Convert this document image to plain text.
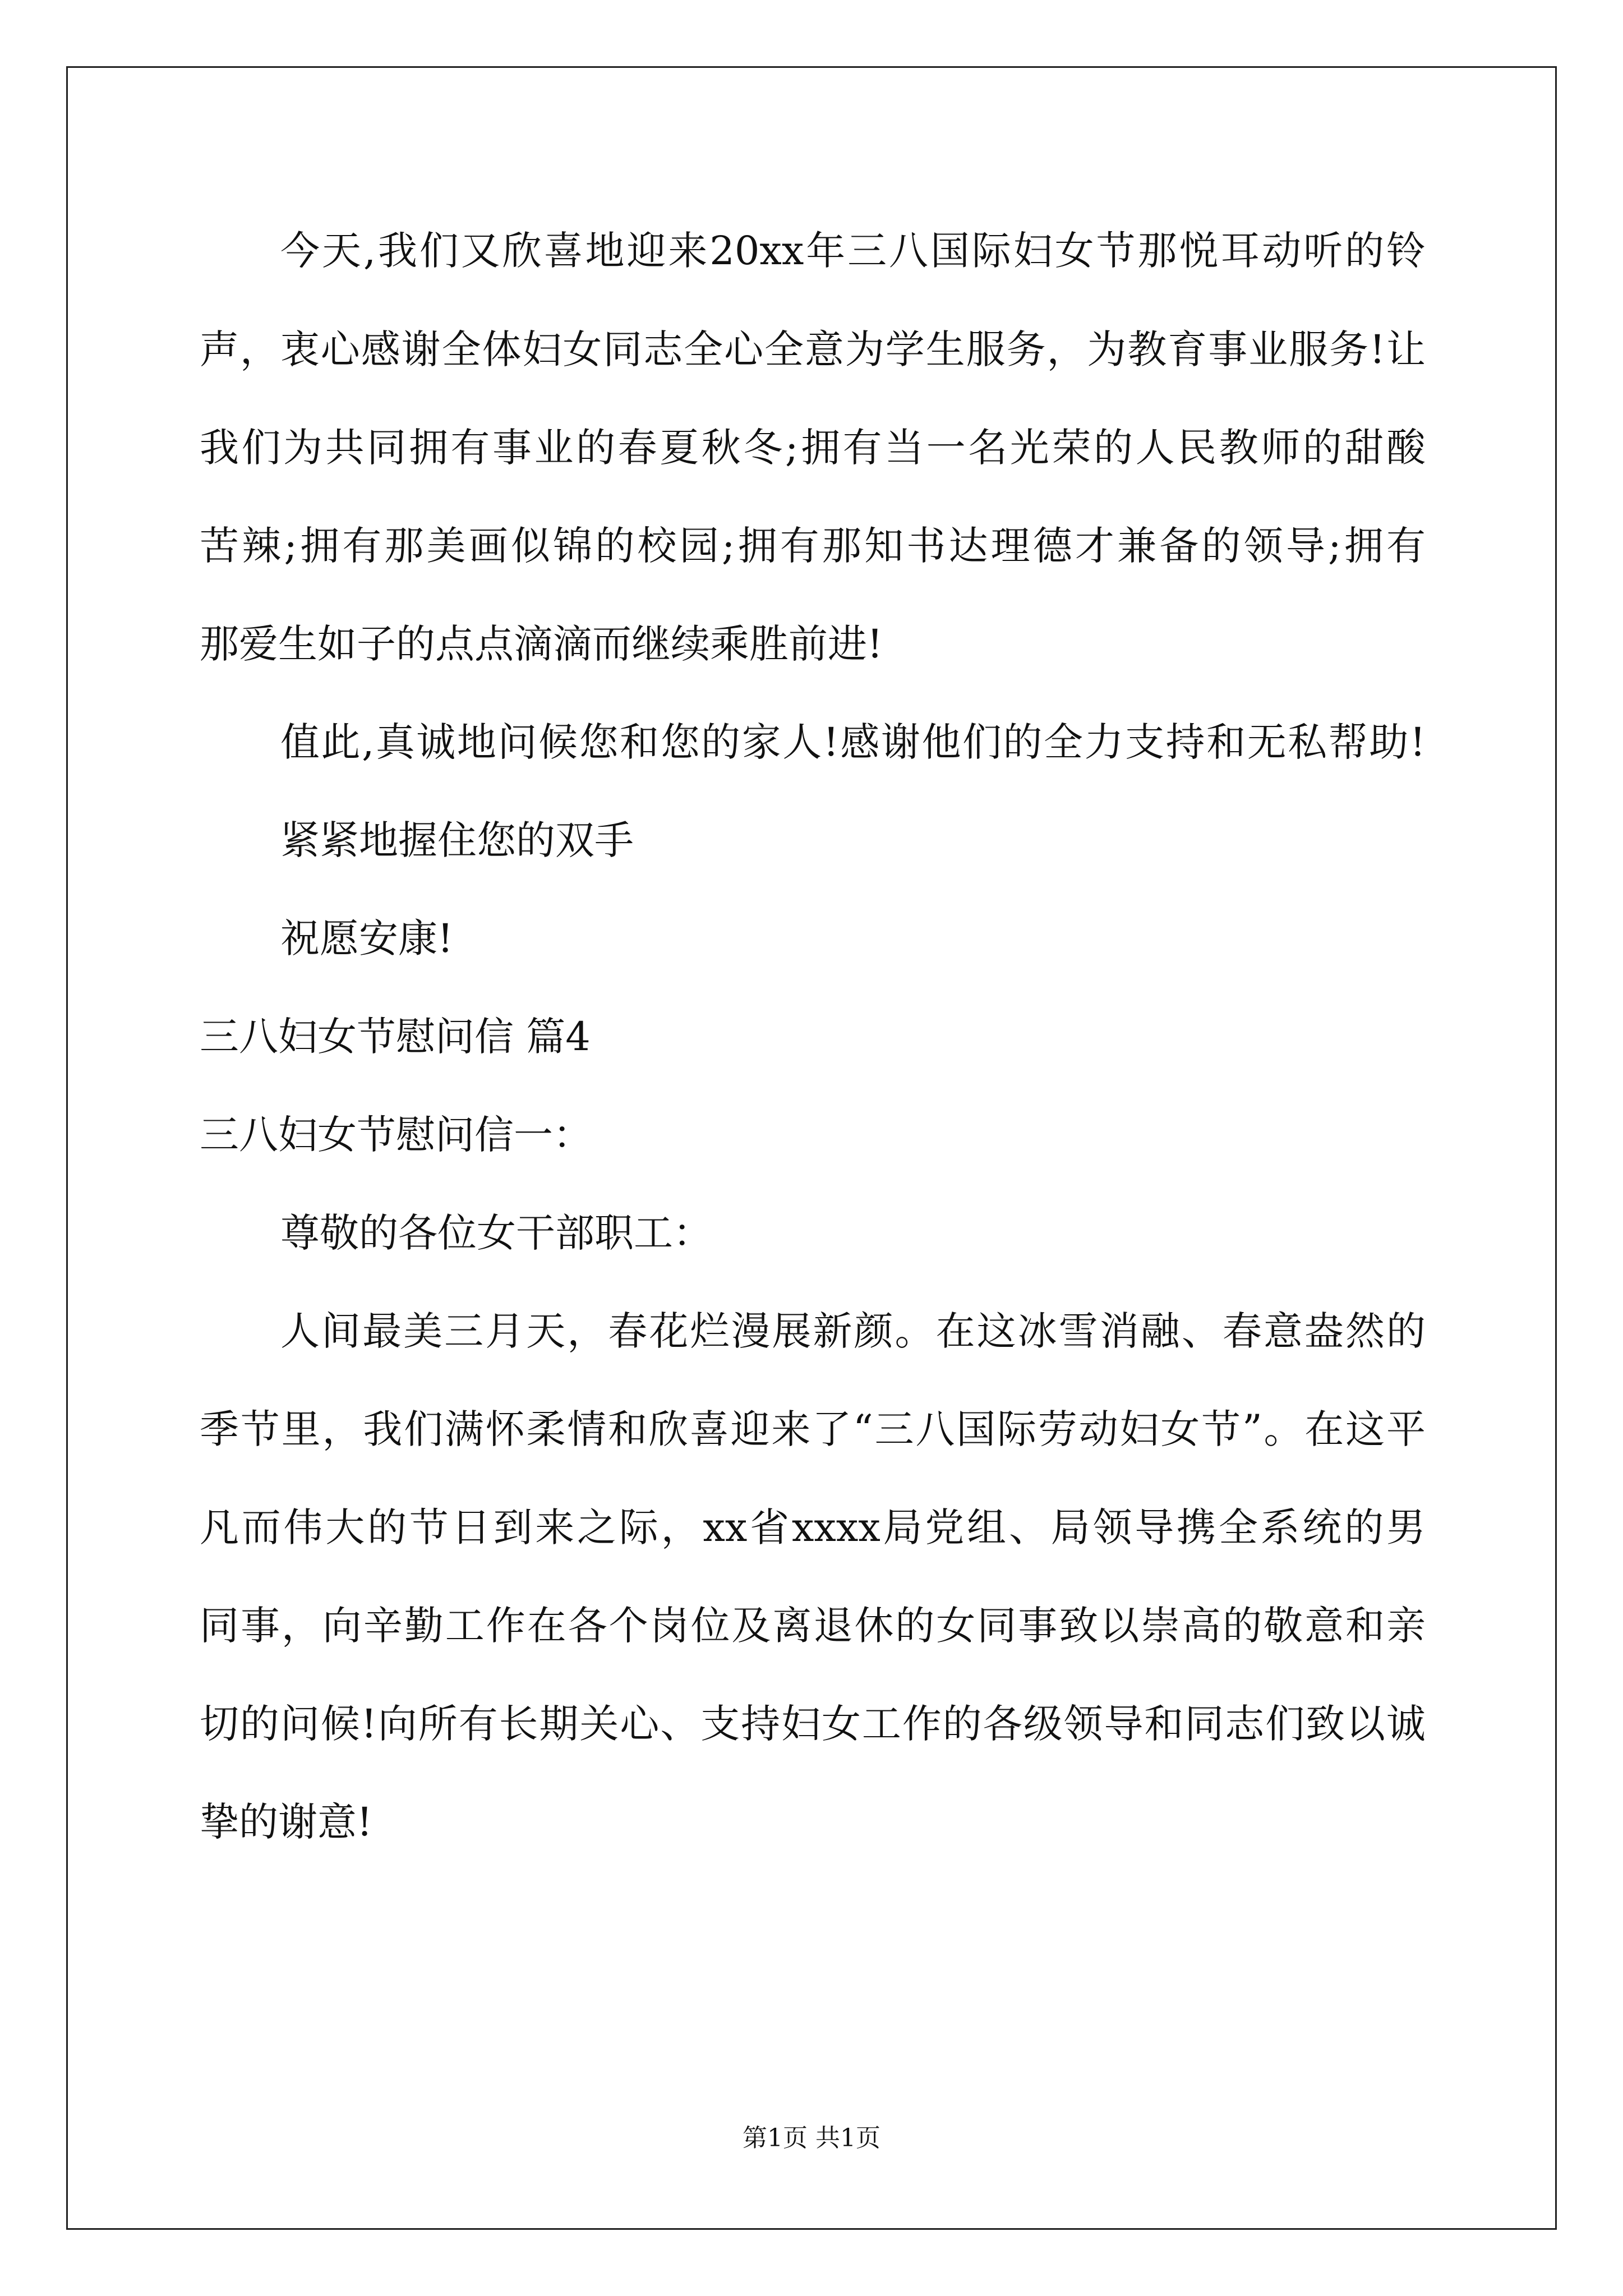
今天,我们又欣喜地迎来20xx年三八国际妇女节那悦耳动听的铃
声，衷心感谢全体妇女同志全心全意为学生服务，为教育事业服务!让
我们为共同拥有事业的春夏秋冬;拥有当一名光荣的人民教师的甜酸
苦辣;拥有那美画似锦的校园;拥有那知书达理德才兼备的领导;拥有
那爱生如子的点点滴滴而继续乘胜前进!
值此,真诚地问候您和您的家人!感谢他们的全力支持和无私帮助!
紧紧地握住您的双手
祝愿安康!
三八妇女节慰问信 篇4
三八妇女节慰问信一：
尊敬的各位女干部职工：
人间最美三月天，春花烂漫展新颜。在这冰雪消融、春意盎然的
季节里，我们满怀柔情和欣喜迎来了“三八国际劳动妇女节”。在这平
凡而伟大的节日到来之际，xx省xxxx局党组、局领导携全系统的男
同事，向辛勤工作在各个岗位及离退休的女同事致以崇高的敬意和亲
切的问候!向所有长期关心、支持妇女工作的各级领导和同志们致以诚
挚的谢意!
第1页 共1页
